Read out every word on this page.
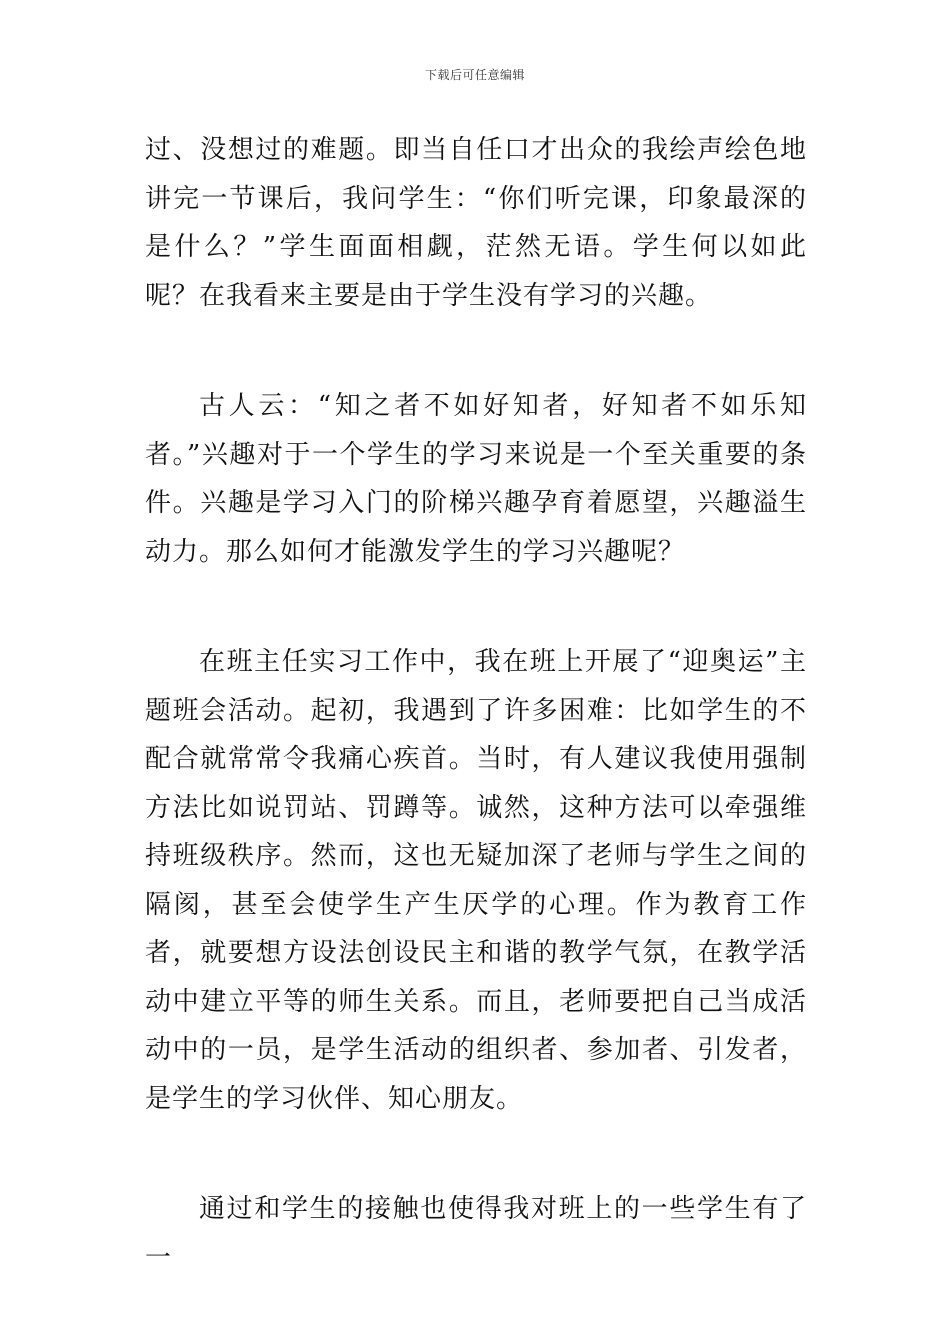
下载后可任意编辑

过、没想过的难题。即当自任口才出众的我绘声绘色地讲完一节课后，我问学生：“你们听完课，印象最深的是什么？”学生面面相觑，茫然无语。学生何以如此呢？在我看来主要是由于学生没有学习的兴趣。

古人云：“知之者不如好知者，好知者不如乐知者。”兴趣对于一个学生的学习来说是一个至关重要的条件。兴趣是学习入门的阶梯兴趣孕育着愿望，兴趣溢生动力。那么如何才能激发学生的学习兴趣呢？

在班主任实习工作中，我在班上开展了“迎奥运”主题班会活动。起初，我遇到了许多困难：比如学生的不配合就常常令我痛心疾首。当时，有人建议我使用强制方法比如说罚站、罚蹲等。诚然，这种方法可以牵强维持班级秩序。然而，这也无疑加深了老师与学生之间的隔阂，甚至会使学生产生厌学的心理。作为教育工作者，就要想方设法创设民主和谐的教学气氛，在教学活动中建立平等的师生关系。而且，老师要把自己当成活动中的一员，是学生活动的组织者、参加者、引发者，是学生的学习伙伴、知心朋友。

通过和学生的接触也使得我对班上的一些学生有了一
